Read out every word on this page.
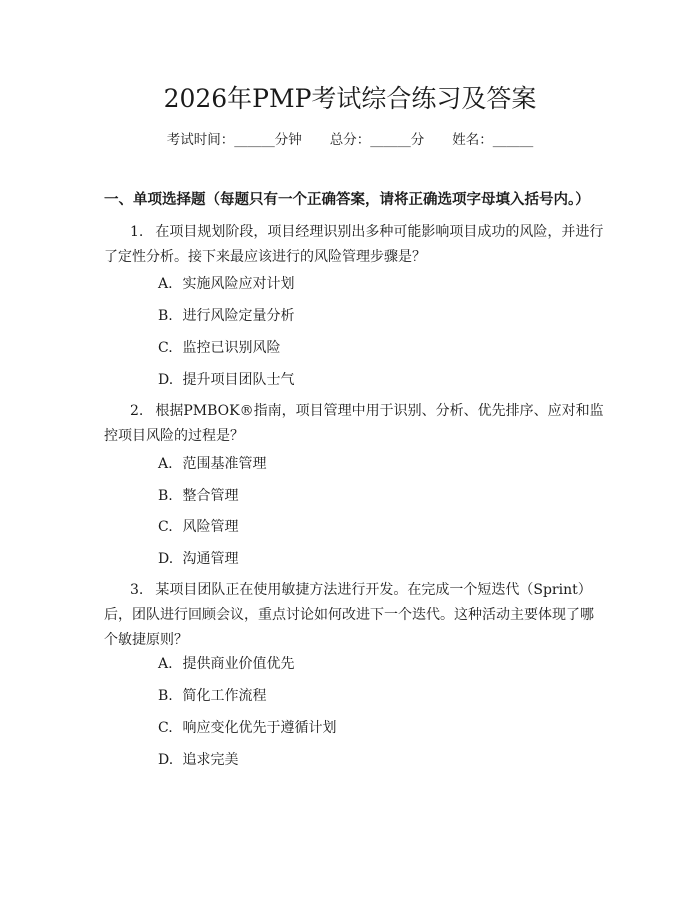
2026年PMP考试综合练习及答案
考试时间：______分钟 总分：______分 姓名：______

一、单项选择题（每题只有一个正确答案，请将正确选项字母填入括号内。）

1. 在项目规划阶段，项目经理识别出多种可能影响项目成功的风险，并进行了定性分析。接下来最应该进行的风险管理步骤是？

A. 实施风险应对计划

B. 进行风险定量分析

C. 监控已识别风险

D. 提升项目团队士气

2. 根据PMBOK®指南，项目管理中用于识别、分析、优先排序、应对和监控项目风险的过程是？

A. 范围基准管理

B. 整合管理

C. 风险管理

D. 沟通管理

3. 某项目团队正在使用敏捷方法进行开发。在完成一个短迭代（Sprint）后，团队进行回顾会议，重点讨论如何改进下一个迭代。这种活动主要体现了哪个敏捷原则？

A. 提供商业价值优先

B. 简化工作流程

C. 响应变化优先于遵循计划

D. 追求完美
